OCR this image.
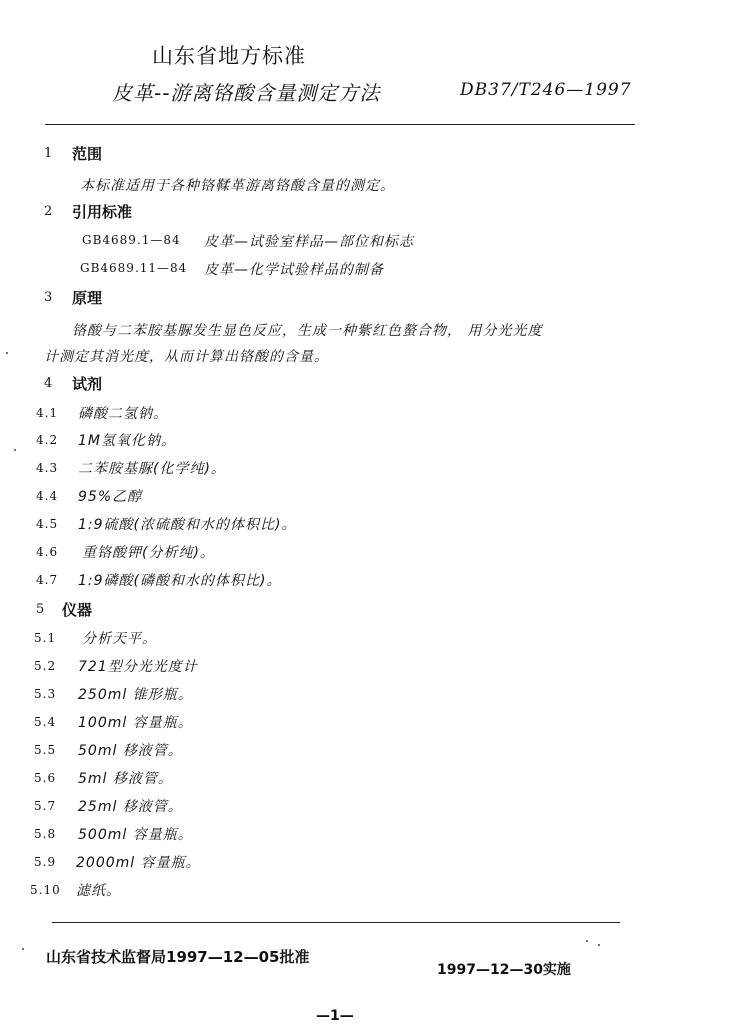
山东省地方标准
皮革--游离铬酸含量测定方法	DB37/T246—1997
1 范围
本标准适用于各种铬鞣革游离铬酸含量的测定。
2 引用标准
GB4689.1—84 皮革—试验室样品—部位和标志
GB4689.11—84 皮革—化学试验样品的制备
3 原理
铬酸与二苯胺基脲发生显色反应，生成一种紫红色螯合物， 用分光光度
计测定其消光度，从而计算出铬酸的含量。
4 试剂
4.1 磷酸二氢钠。
4.2 1M氢氧化钠。
4.3 二苯胺基脲(化学纯)。
4.4 95%乙醇
4.5 1:9硫酸(浓硫酸和水的体积比)。
4.6 重铬酸钾(分析纯)。
4.7 1:9磷酸(磷酸和水的体积比)。
5 仪器
5.1 分析天平。
5.2 721型分光光度计
5.3 250ml 锥形瓶。
5.4 100ml 容量瓶。
5.5 50ml 移液管。
5.6 5ml 移液管。
5.7 25ml 移液管。
5.8 500ml 容量瓶。
5.9 2000ml 容量瓶。
5.10 滤纸。
山东省技术监督局1997—12—05批准
1997—12—30实施
—1—
